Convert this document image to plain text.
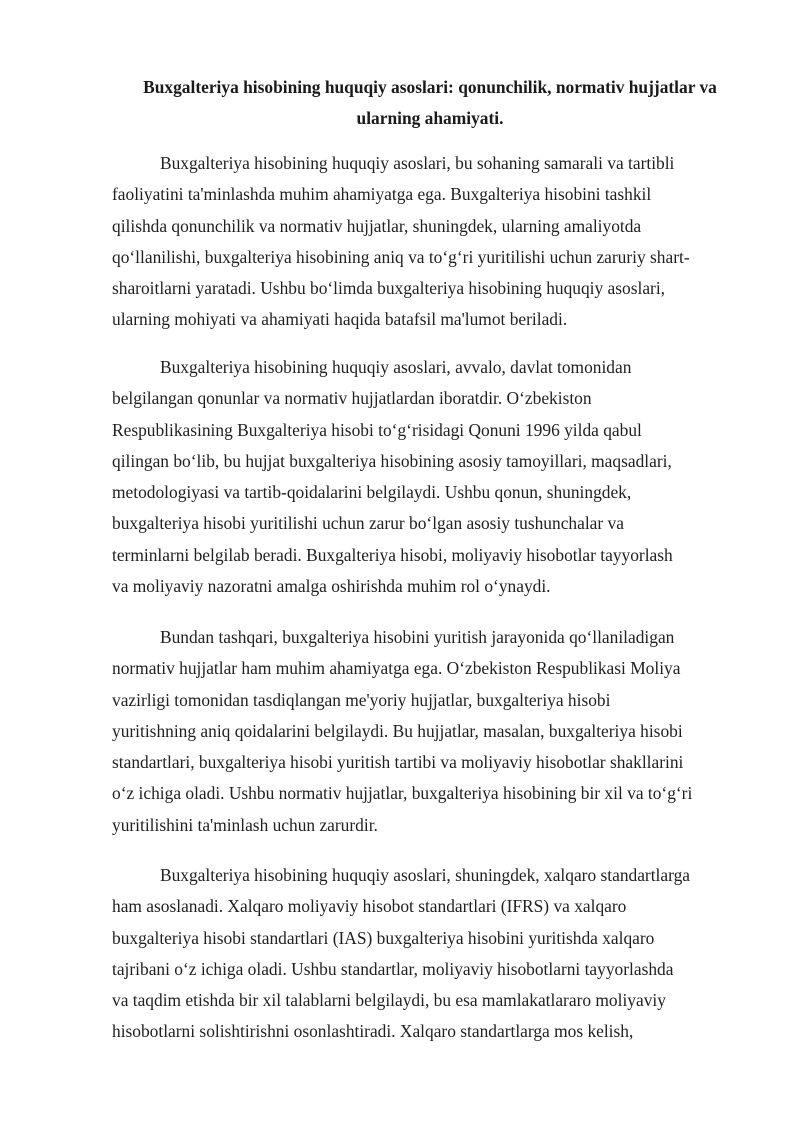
Buxgalteriya hisobining huquqiy asoslari: qonunchilik, normativ hujjatlar va
ularning ahamiyati.

Buxgalteriya hisobining huquqiy asoslari, bu sohaning samarali va tartibli
faoliyatini ta'minlashda muhim ahamiyatga ega. Buxgalteriya hisobini tashkil
qilishda qonunchilik va normativ hujjatlar, shuningdek, ularning amaliyotda
qo‘llanilishi, buxgalteriya hisobining aniq va to‘g‘ri yuritilishi uchun zaruriy shart-
sharoitlarni yaratadi. Ushbu bo‘limda buxgalteriya hisobining huquqiy asoslari,
ularning mohiyati va ahamiyati haqida batafsil ma'lumot beriladi.

Buxgalteriya hisobining huquqiy asoslari, avvalo, davlat tomonidan
belgilangan qonunlar va normativ hujjatlardan iboratdir. O‘zbekiston
Respublikasining Buxgalteriya hisobi to‘g‘risidagi Qonuni 1996 yilda qabul
qilingan bo‘lib, bu hujjat buxgalteriya hisobining asosiy tamoyillari, maqsadlari,
metodologiyasi va tartib-qoidalarini belgilaydi. Ushbu qonun, shuningdek,
buxgalteriya hisobi yuritilishi uchun zarur bo‘lgan asosiy tushunchalar va
terminlarni belgilab beradi. Buxgalteriya hisobi, moliyaviy hisobotlar tayyorlash
va moliyaviy nazoratni amalga oshirishda muhim rol o‘ynaydi.

Bundan tashqari, buxgalteriya hisobini yuritish jarayonida qo‘llaniladigan
normativ hujjatlar ham muhim ahamiyatga ega. O‘zbekiston Respublikasi Moliya
vazirligi tomonidan tasdiqlangan me'yoriy hujjatlar, buxgalteriya hisobi
yuritishning aniq qoidalarini belgilaydi. Bu hujjatlar, masalan, buxgalteriya hisobi
standartlari, buxgalteriya hisobi yuritish tartibi va moliyaviy hisobotlar shakllarini
o‘z ichiga oladi. Ushbu normativ hujjatlar, buxgalteriya hisobining bir xil va to‘g‘ri
yuritilishini ta'minlash uchun zarurdir.

Buxgalteriya hisobining huquqiy asoslari, shuningdek, xalqaro standartlarga
ham asoslanadi. Xalqaro moliyaviy hisobot standartlari (IFRS) va xalqaro
buxgalteriya hisobi standartlari (IAS) buxgalteriya hisobini yuritishda xalqaro
tajribani o‘z ichiga oladi. Ushbu standartlar, moliyaviy hisobotlarni tayyorlashda
va taqdim etishda bir xil talablarni belgilaydi, bu esa mamlakatlararo moliyaviy
hisobotlarni solishtirishni osonlashtiradi. Xalqaro standartlarga mos kelish,
